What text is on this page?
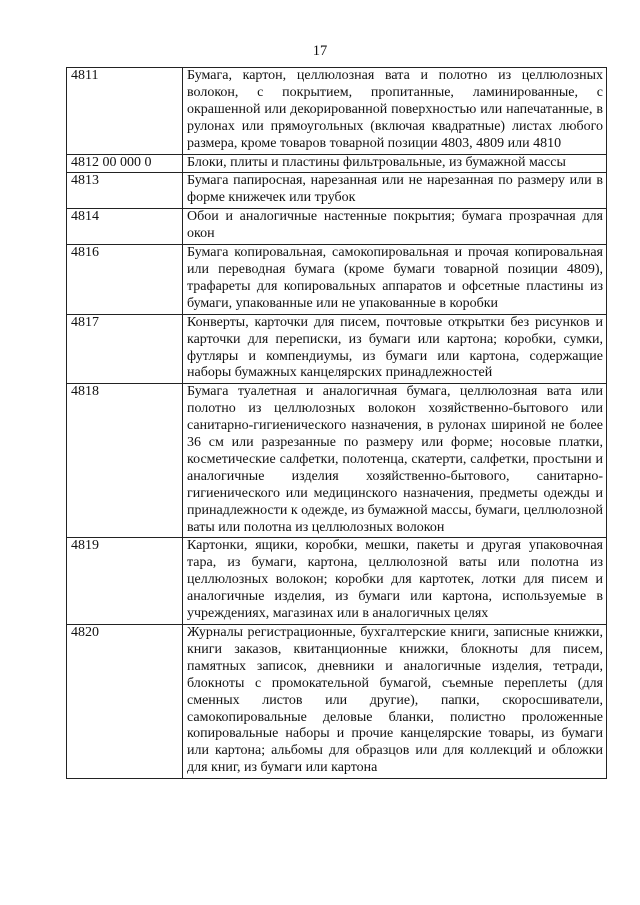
17
4811	Бумага, картон, целлюлозная вата и полотно из целлюлозных волокон, с покрытием, пропитанные, ламинированные, с окрашенной или декорированной поверхностью или напечатанные, в рулонах или прямоугольных (включая квадратные) листах любого размера, кроме товаров товарной позиции 4803, 4809 или 4810
4812 00 000 0	Блоки, плиты и пластины фильтровальные, из бумажной массы
4813	Бумага папиросная, нарезанная или не нарезанная по размеру или в форме книжечек или трубок
4814	Обои и аналогичные настенные покрытия; бумага прозрачная для окон
4816	Бумага копировальная, самокопировальная и прочая копировальная или переводная бумага (кроме бумаги товарной позиции 4809), трафареты для копировальных аппаратов и офсетные пластины из бумаги, упакованные или не упакованные в коробки
4817	Конверты, карточки для писем, почтовые открытки без рисунков и карточки для переписки, из бумаги или картона; коробки, сумки, футляры и компендиумы, из бумаги или картона, содержащие наборы бумажных канцелярских принадлежностей
4818	Бумага туалетная и аналогичная бумага, целлюлозная вата или полотно из целлюлозных волокон хозяйственно-бытового или санитарно-гигиенического назначения, в рулонах шириной не более 36 см или разрезанные по размеру или форме; носовые платки, косметические салфетки, полотенца, скатерти, салфетки, простыни и аналогичные изделия хозяйственно-бытового, санитарно-гигиенического или медицинского назначения, предметы одежды и принадлежности к одежде, из бумажной массы, бумаги, целлюлозной ваты или полотна из целлюлозных волокон
4819	Картонки, ящики, коробки, мешки, пакеты и другая упаковочная тара, из бумаги, картона, целлюлозной ваты или полотна из целлюлозных волокон; коробки для картотек, лотки для писем и аналогичные изделия, из бумаги или картона, используемые в учреждениях, магазинах или в аналогичных целях
4820	Журналы регистрационные, бухгалтерские книги, записные книжки, книги заказов, квитанционные книжки, блокноты для писем, памятных записок, дневники и аналогичные изделия, тетради, блокноты с промокательной бумагой, съемные переплеты (для сменных листов или другие), папки, скоросшиватели, самокопировальные деловые бланки, полистно проложенные копировальные наборы и прочие канцелярские товары, из бумаги или картона; альбомы для образцов или для коллекций и обложки для книг, из бумаги или картона
